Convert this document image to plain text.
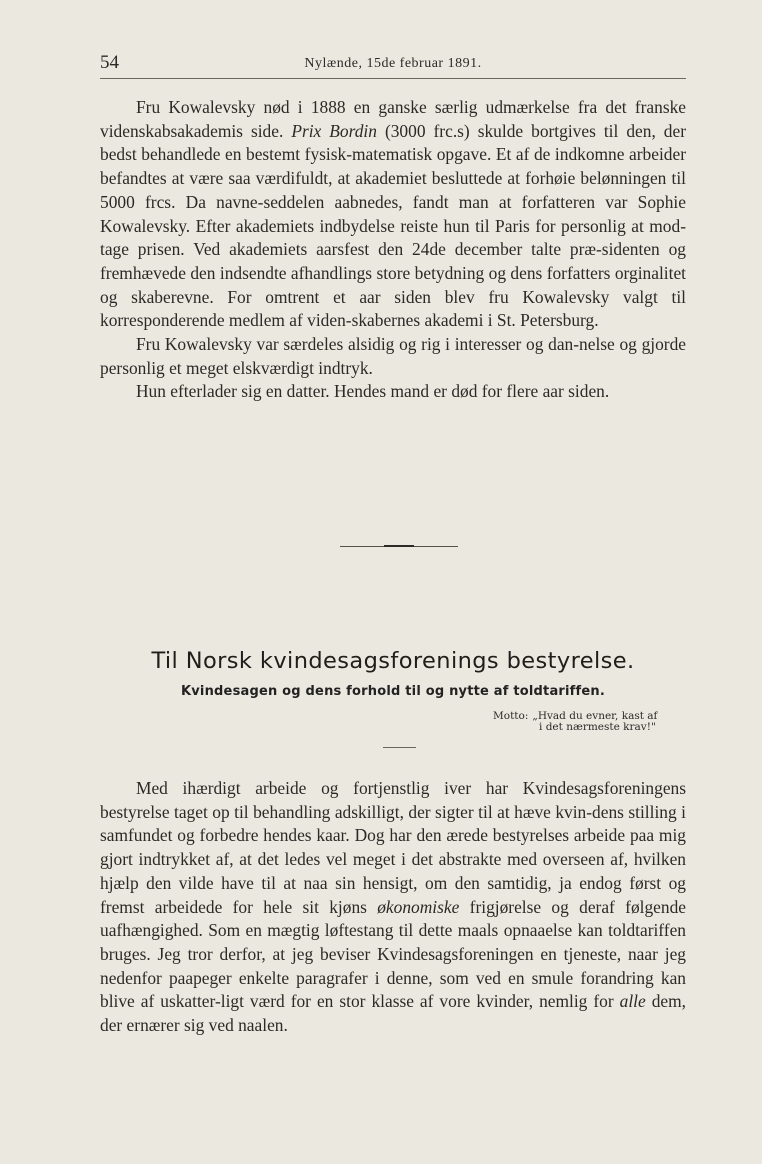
54	Nylænde, 15de februar 1891.

Fru Kowalevsky nød i 1888 en ganske særlig udmærkelse fra det franske videnskabsakademis side. Prix Bordin (3000 frc.s) skulde bortgives til den, der bedst behandlede en bestemt fysisk-matematisk opgave. Et af de indkomne arbeider befandtes at være saa værdifuldt, at akademiet besluttede at forhøie belønningen til 5000 frcs. Da navne-seddelen aabnedes, fandt man at forfatteren var Sophie Kowalevsky. Efter akademiets indbydelse reiste hun til Paris for personlig at mod-tage prisen. Ved akademiets aarsfest den 24de december talte præ-sidenten og fremhævede den indsendte afhandlings store betydning og dens forfatters orginalitet og skaberevne. For omtrent et aar siden blev fru Kowalevsky valgt til korresponderende medlem af viden-skabernes akademi i St. Petersburg.

Fru Kowalevsky var særdeles alsidig og rig i interesser og dan-nelse og gjorde personlig et meget elskværdigt indtryk.

Hun efterlader sig en datter. Hendes mand er død for flere aar siden.

Til Norsk kvindesagsforenings bestyrelse.
Kvindesagen og dens forhold til og nytte af toldtariffen.
Motto: „Hvad du evner, kast af
i det nærmeste krav!"

Med ihærdigt arbeide og fortjenstlig iver har Kvindesagsforeningens bestyrelse taget op til behandling adskilligt, der sigter til at hæve kvin-dens stilling i samfundet og forbedre hendes kaar. Dog har den ærede bestyrelses arbeide paa mig gjort indtrykket af, at det ledes vel meget i det abstrakte med overseen af, hvilken hjælp den vilde have til at naa sin hensigt, om den samtidig, ja endog først og fremst arbeidede for hele sit kjøns økonomiske frigjørelse og deraf følgende uafhængighed. Som en mægtig løftestang til dette maals opnaaelse kan toldtariffen bruges. Jeg tror derfor, at jeg beviser Kvindesagsforeningen en tjeneste, naar jeg nedenfor paapeger enkelte paragrafer i denne, som ved en smule forandring kan blive af uskatter-ligt værd for en stor klasse af vore kvinder, nemlig for alle dem, der ernærer sig ved naalen.
